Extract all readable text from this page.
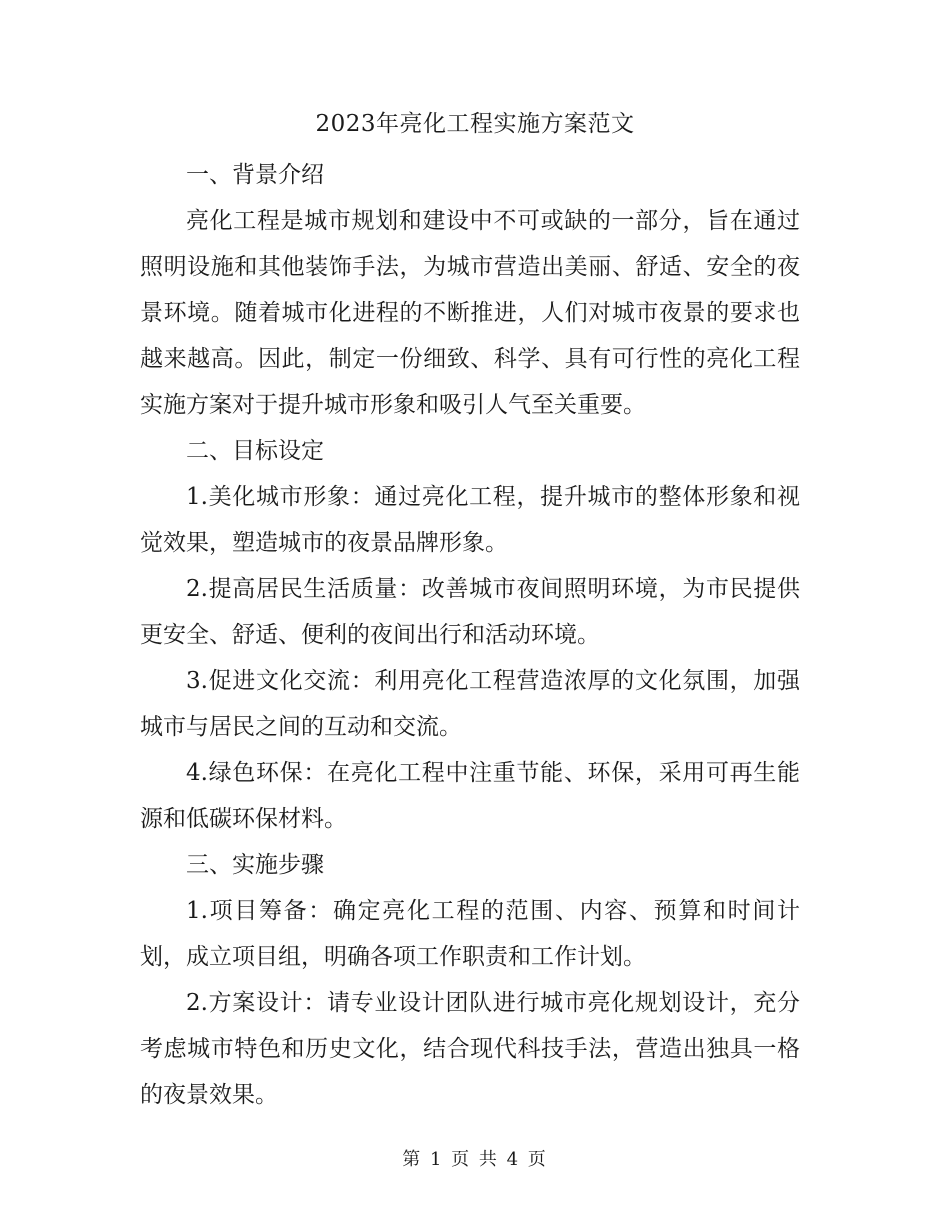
2023年亮化工程实施方案范文

一、背景介绍

亮化工程是城市规划和建设中不可或缺的一部分，旨在通过照明设施和其他装饰手法，为城市营造出美丽、舒适、安全的夜景环境。随着城市化进程的不断推进，人们对城市夜景的要求也越来越高。因此，制定一份细致、科学、具有可行性的亮化工程实施方案对于提升城市形象和吸引人气至关重要。

二、目标设定

1.美化城市形象：通过亮化工程，提升城市的整体形象和视觉效果，塑造城市的夜景品牌形象。

2.提高居民生活质量：改善城市夜间照明环境，为市民提供更安全、舒适、便利的夜间出行和活动环境。

3.促进文化交流：利用亮化工程营造浓厚的文化氛围，加强城市与居民之间的互动和交流。

4.绿色环保：在亮化工程中注重节能、环保，采用可再生能源和低碳环保材料。

三、实施步骤

1.项目筹备：确定亮化工程的范围、内容、预算和时间计划，成立项目组，明确各项工作职责和工作计划。

2.方案设计：请专业设计团队进行城市亮化规划设计，充分考虑城市特色和历史文化，结合现代科技手法，营造出独具一格的夜景效果。

第 1 页 共 4 页
